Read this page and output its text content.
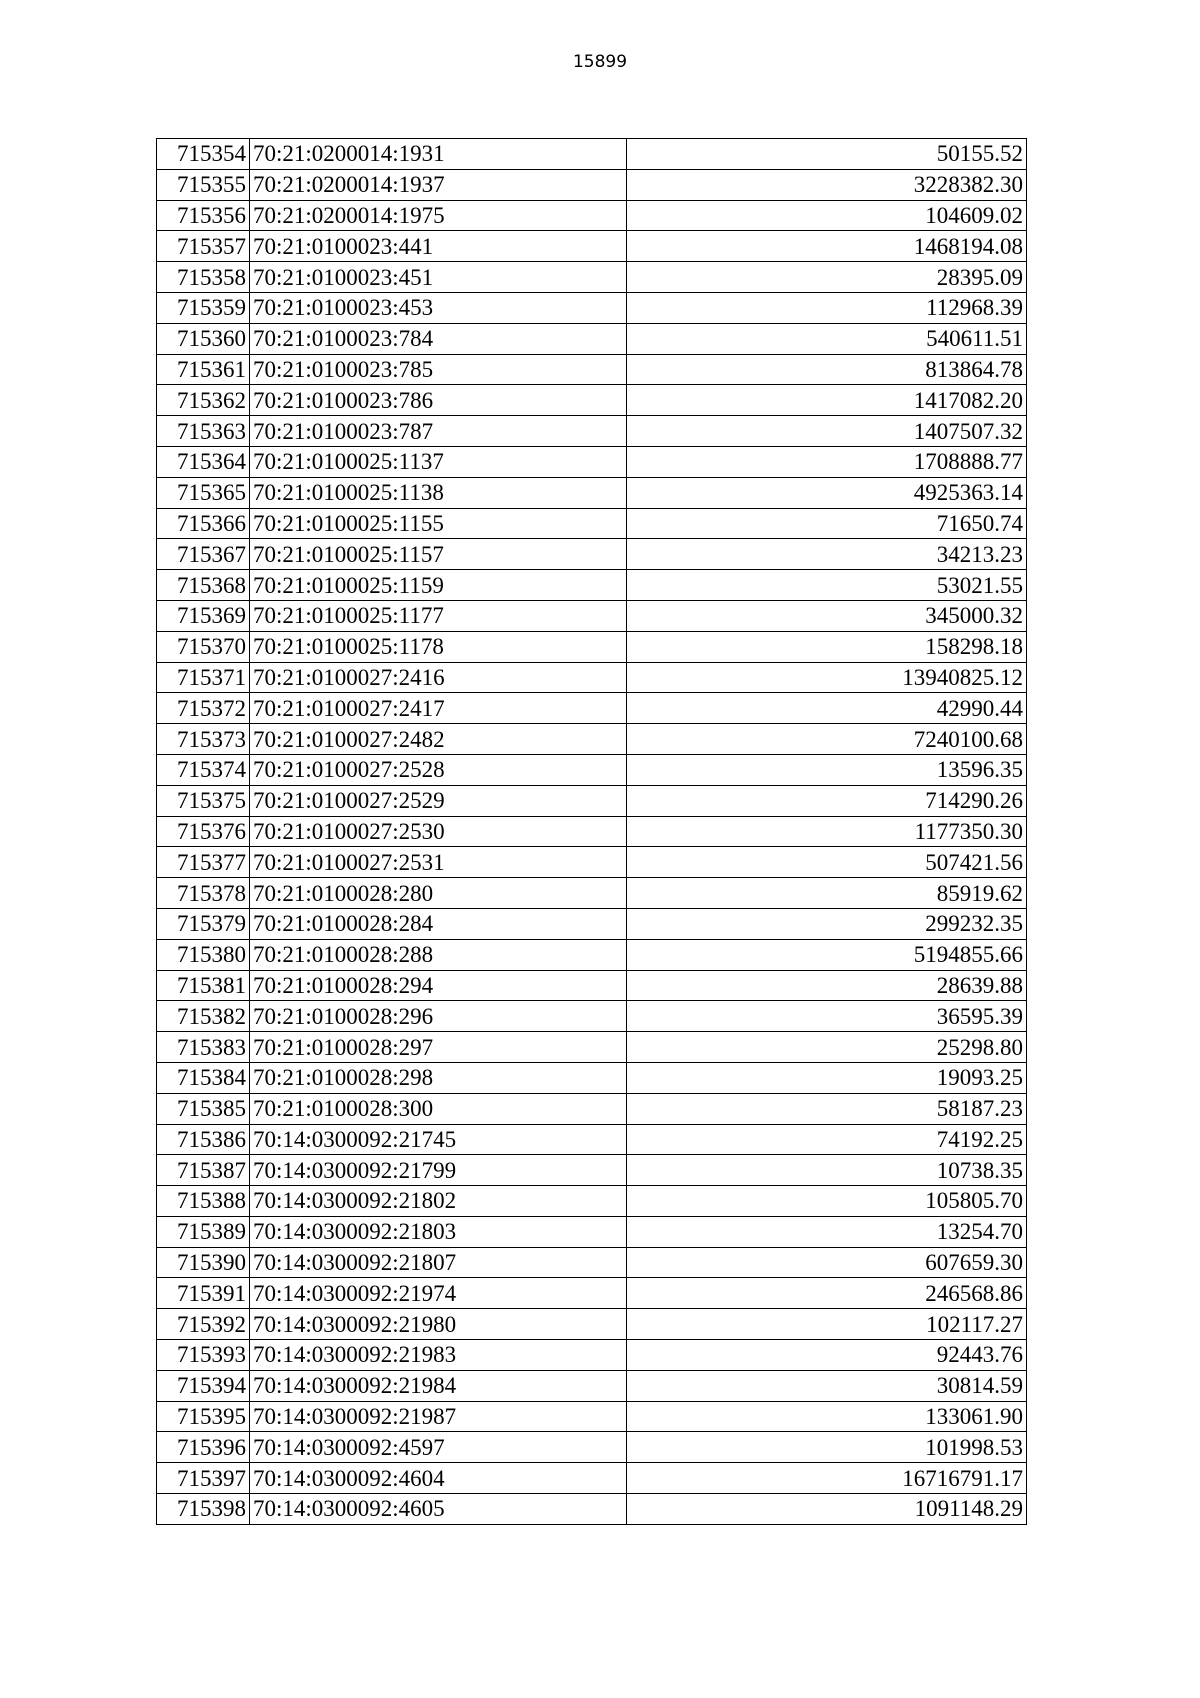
15899
715354	70:21:0200014:1931	50155.52
715355	70:21:0200014:1937	3228382.30
715356	70:21:0200014:1975	104609.02
715357	70:21:0100023:441	1468194.08
715358	70:21:0100023:451	28395.09
715359	70:21:0100023:453	112968.39
715360	70:21:0100023:784	540611.51
715361	70:21:0100023:785	813864.78
715362	70:21:0100023:786	1417082.20
715363	70:21:0100023:787	1407507.32
715364	70:21:0100025:1137	1708888.77
715365	70:21:0100025:1138	4925363.14
715366	70:21:0100025:1155	71650.74
715367	70:21:0100025:1157	34213.23
715368	70:21:0100025:1159	53021.55
715369	70:21:0100025:1177	345000.32
715370	70:21:0100025:1178	158298.18
715371	70:21:0100027:2416	13940825.12
715372	70:21:0100027:2417	42990.44
715373	70:21:0100027:2482	7240100.68
715374	70:21:0100027:2528	13596.35
715375	70:21:0100027:2529	714290.26
715376	70:21:0100027:2530	1177350.30
715377	70:21:0100027:2531	507421.56
715378	70:21:0100028:280	85919.62
715379	70:21:0100028:284	299232.35
715380	70:21:0100028:288	5194855.66
715381	70:21:0100028:294	28639.88
715382	70:21:0100028:296	36595.39
715383	70:21:0100028:297	25298.80
715384	70:21:0100028:298	19093.25
715385	70:21:0100028:300	58187.23
715386	70:14:0300092:21745	74192.25
715387	70:14:0300092:21799	10738.35
715388	70:14:0300092:21802	105805.70
715389	70:14:0300092:21803	13254.70
715390	70:14:0300092:21807	607659.30
715391	70:14:0300092:21974	246568.86
715392	70:14:0300092:21980	102117.27
715393	70:14:0300092:21983	92443.76
715394	70:14:0300092:21984	30814.59
715395	70:14:0300092:21987	133061.90
715396	70:14:0300092:4597	101998.53
715397	70:14:0300092:4604	16716791.17
715398	70:14:0300092:4605	1091148.29
